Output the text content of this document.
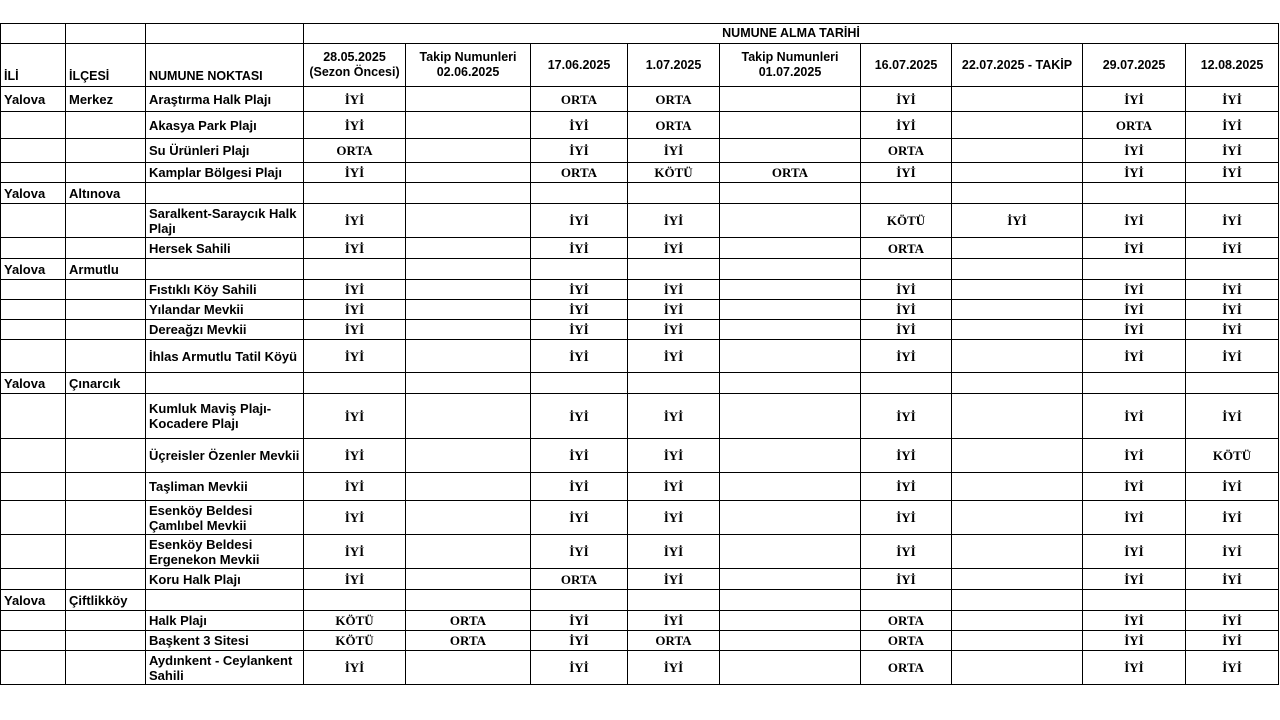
			NUMUNE ALMA TARİHİ								
İLİ	İLÇESİ	NUMUNE NOKTASI	28.05.2025 (Sezon Öncesi)	Takip Numunleri 02.06.2025	17.06.2025	1.07.2025	Takip Numunleri 01.07.2025	16.07.2025	22.07.2025 - TAKİP	29.07.2025	12.08.2025
Yalova	Merkez	Araştırma Halk Plajı	İYİ		ORTA	ORTA		İYİ		İYİ	İYİ
		Akasya Park Plajı	İYİ		İYİ	ORTA		İYİ		ORTA	İYİ
		Su Ürünleri Plajı	ORTA		İYİ	İYİ		ORTA		İYİ	İYİ
		Kamplar Bölgesi Plajı	İYİ		ORTA	KÖTÜ	ORTA	İYİ		İYİ	İYİ
Yalova	Altınova										
		Saralkent-Saraycık Halk Plajı	İYİ		İYİ	İYİ		KÖTÜ	İYİ	İYİ	İYİ
		Hersek Sahili	İYİ		İYİ	İYİ		ORTA		İYİ	İYİ
Yalova	Armutlu										
		Fıstıklı Köy Sahili	İYİ		İYİ	İYİ		İYİ		İYİ	İYİ
		Yılandar Mevkii	İYİ		İYİ	İYİ		İYİ		İYİ	İYİ
		Dereağzı Mevkii	İYİ		İYİ	İYİ		İYİ		İYİ	İYİ
		İhlas Armutlu Tatil Köyü	İYİ		İYİ	İYİ		İYİ		İYİ	İYİ
Yalova	Çınarcık										
		Kumluk Maviş Plajı-Kocadere Plajı	İYİ		İYİ	İYİ		İYİ		İYİ	İYİ
		Üçreisler Özenler Mevkii	İYİ		İYİ	İYİ		İYİ		İYİ	KÖTÜ
		Taşliman Mevkii	İYİ		İYİ	İYİ		İYİ		İYİ	İYİ
		Esenköy Beldesi Çamlıbel Mevkii	İYİ		İYİ	İYİ		İYİ		İYİ	İYİ
		Esenköy Beldesi Ergenekon Mevkii	İYİ		İYİ	İYİ		İYİ		İYİ	İYİ
		Koru Halk Plajı	İYİ		ORTA	İYİ		İYİ		İYİ	İYİ
Yalova	Çiftlikköy										
		Halk Plajı	KÖTÜ	ORTA	İYİ	İYİ		ORTA		İYİ	İYİ
		Başkent 3 Sitesi	KÖTÜ	ORTA	İYİ	ORTA		ORTA		İYİ	İYİ
		Aydınkent - Ceylankent Sahili	İYİ		İYİ	İYİ		ORTA		İYİ	İYİ
